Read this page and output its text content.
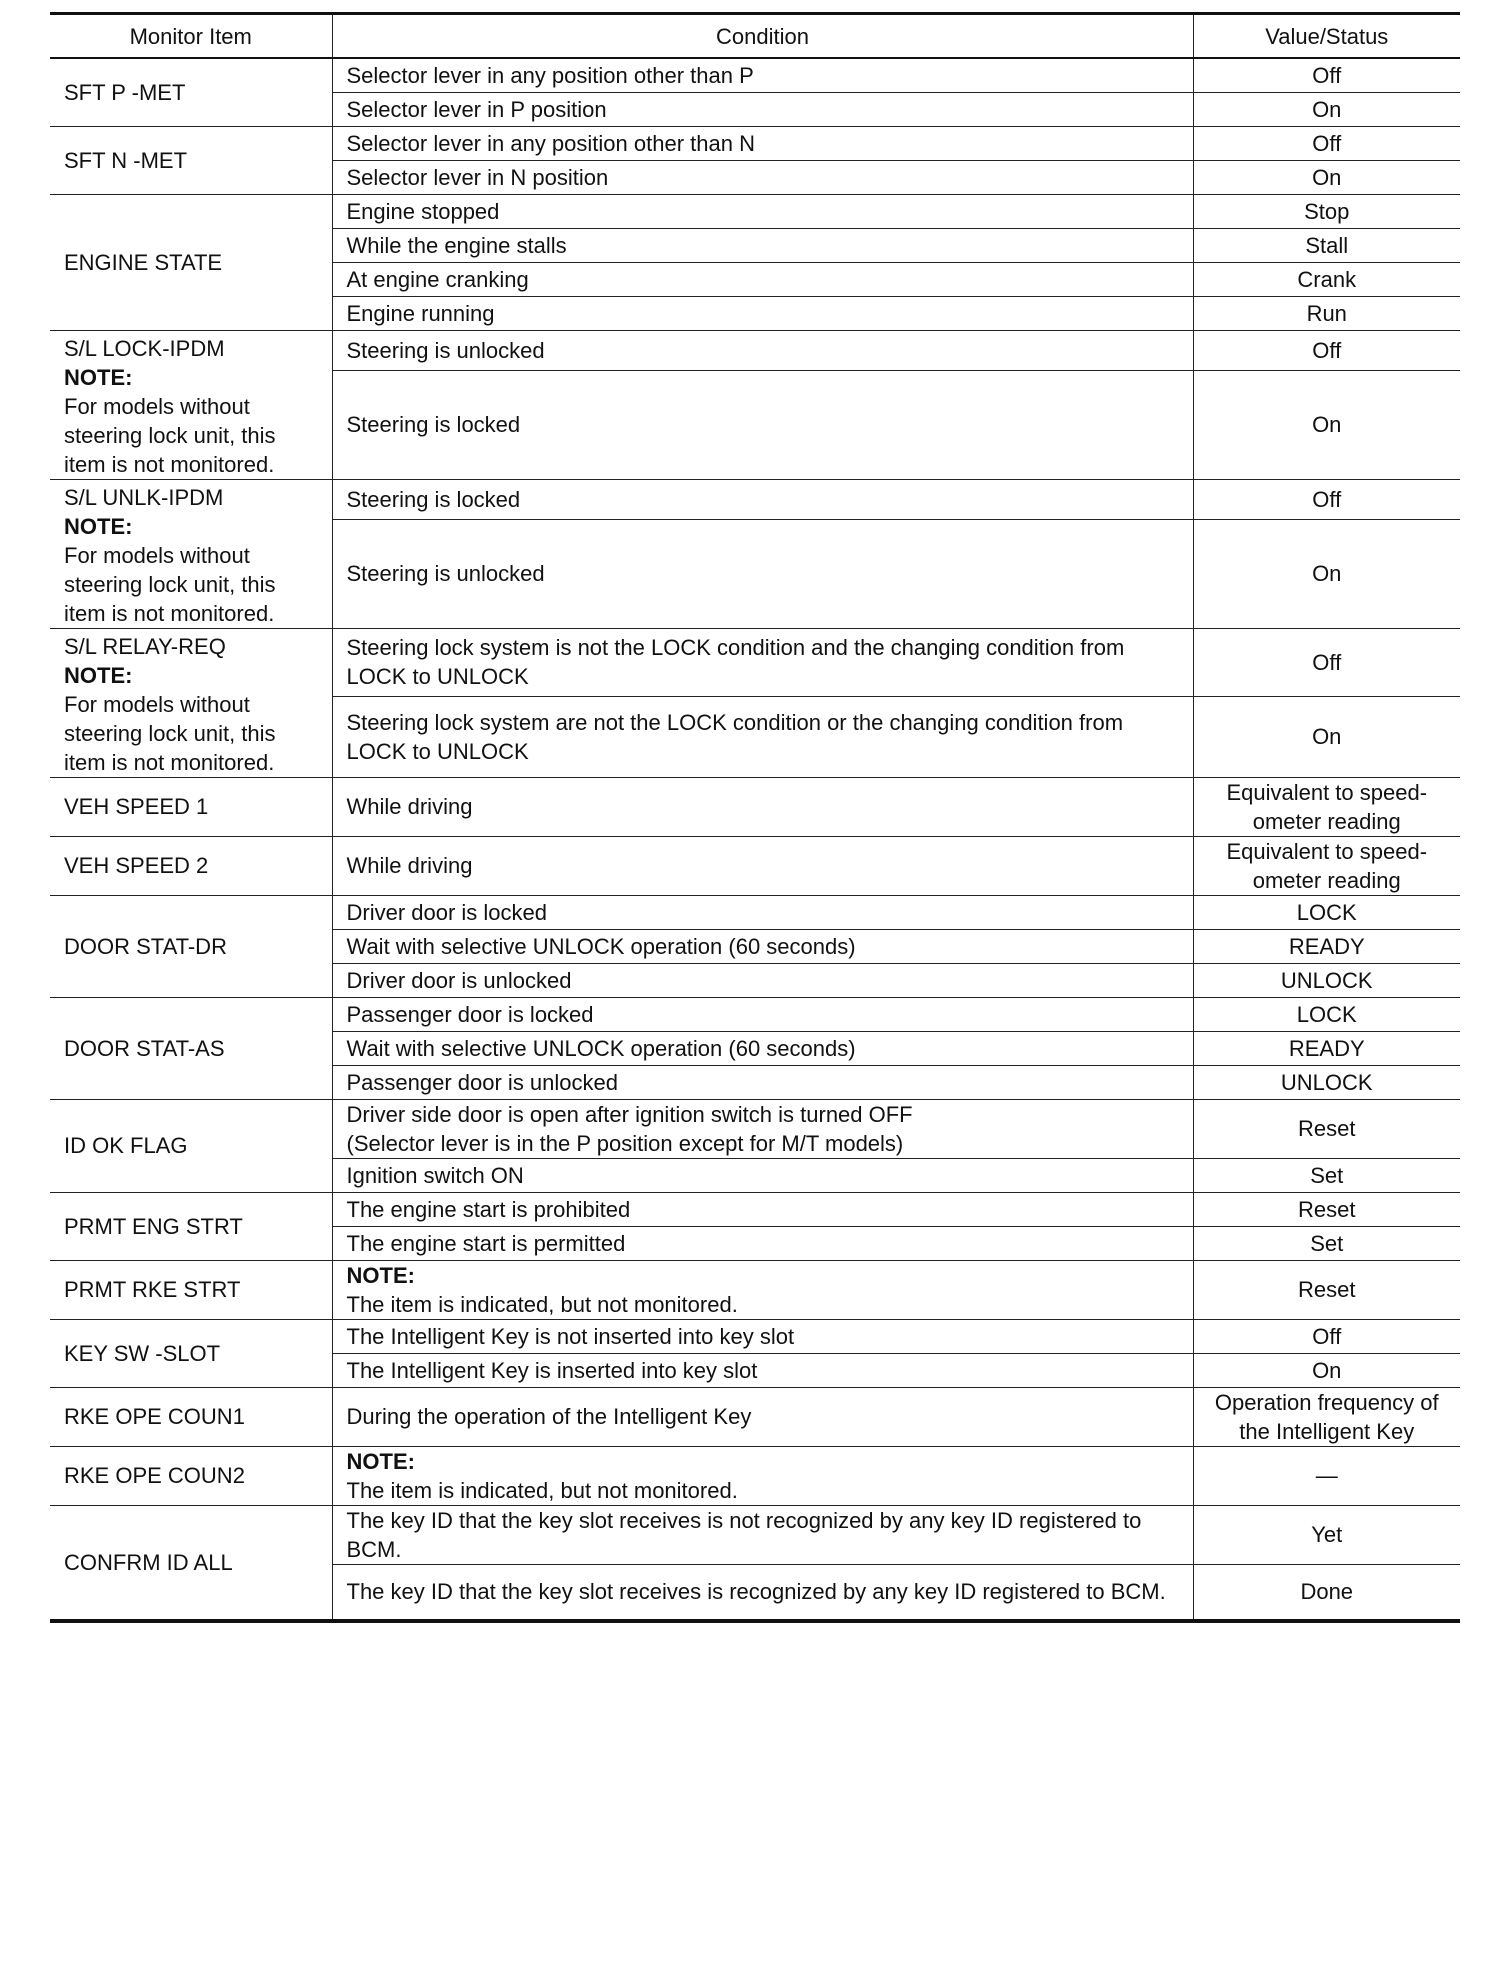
Monitor Item	Condition	Value/Status

SFT P -MET	Selector lever in any position other than P	Off

	Selector lever in P position	On

SFT N -MET	Selector lever in any position other than N	Off

	Selector lever in N position	On

ENGINE STATE	Engine stopped	Stop

	While the engine stalls	Stall

	At engine cranking	Crank

	Engine running	Run

S/L LOCK-IPDM
NOTE:
For models without steering lock unit, this item is not monitored.	Steering is unlocked	Off

	Steering is locked	On

S/L UNLK-IPDM
NOTE:
For models without steering lock unit, this item is not monitored.	Steering is locked	Off

	Steering is unlocked	On

S/L RELAY-REQ
NOTE:
For models without steering lock unit, this item is not monitored.	Steering lock system is not the LOCK condition and the changing condition from LOCK to UNLOCK	Off

	Steering lock system are not the LOCK condition or the changing condition from LOCK to UNLOCK	On

VEH SPEED 1	While driving	Equivalent to speed-ometer reading

VEH SPEED 2	While driving	Equivalent to speed-ometer reading

DOOR STAT-DR	Driver door is locked	LOCK

	Wait with selective UNLOCK operation (60 seconds)	READY

	Driver door is unlocked	UNLOCK

DOOR STAT-AS	Passenger door is locked	LOCK

	Wait with selective UNLOCK operation (60 seconds)	READY

	Passenger door is unlocked	UNLOCK

ID OK FLAG	Driver side door is open after ignition switch is turned OFF
(Selector lever is in the P position except for M/T models)	Reset

	Ignition switch ON	Set

PRMT ENG STRT	The engine start is prohibited	Reset

	The engine start is permitted	Set

PRMT RKE STRT	NOTE:
The item is indicated, but not monitored.	Reset

KEY SW -SLOT	The Intelligent Key is not inserted into key slot	Off

	The Intelligent Key is inserted into key slot	On

RKE OPE COUN1	During the operation of the Intelligent Key	Operation frequency of the Intelligent Key

RKE OPE COUN2	NOTE:
The item is indicated, but not monitored.	—

CONFRM ID ALL	The key ID that the key slot receives is not recognized by any key ID registered to BCM.	Yet

	The key ID that the key slot receives is recognized by any key ID registered to BCM.	Done
